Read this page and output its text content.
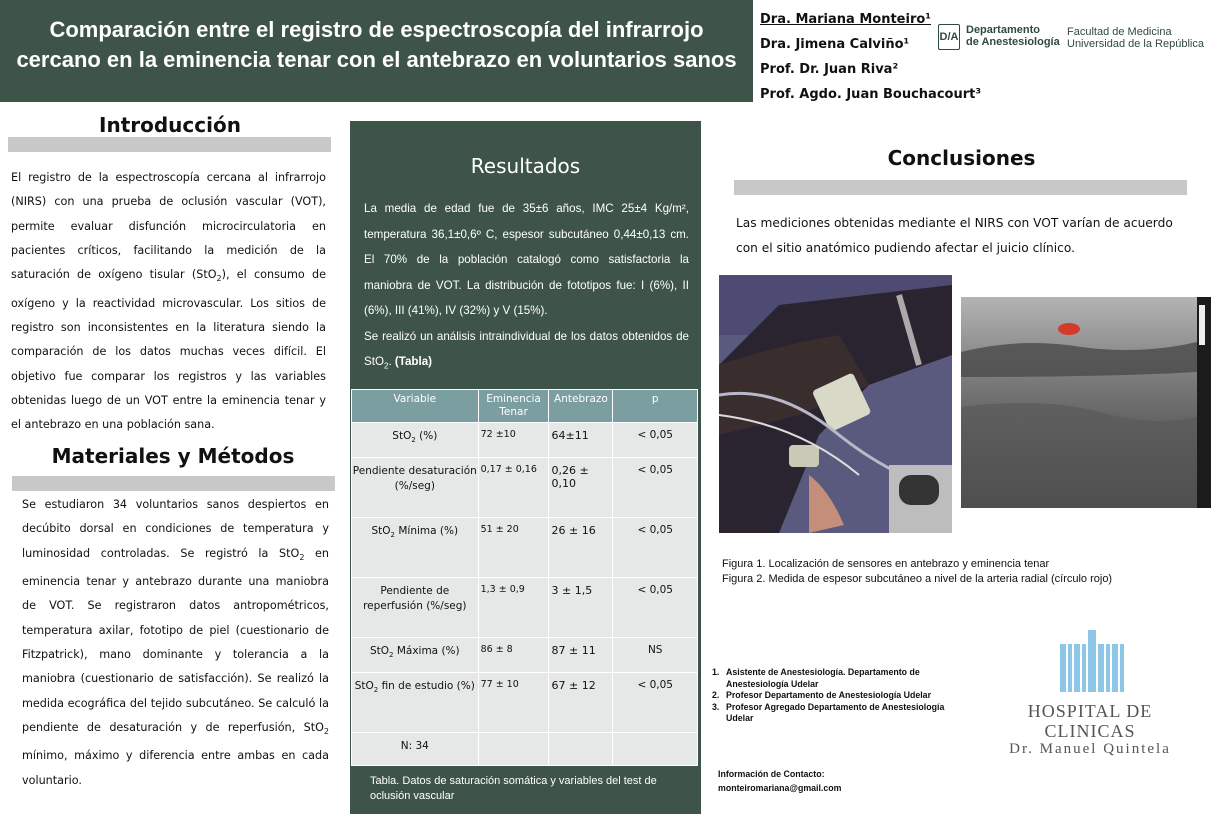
Comparación entre el registro de espectroscopía del infrarrojo
cercano en la eminencia tenar con el antebrazo en voluntarios sanos
Dra. Mariana Monteiro¹
Dra. Jimena Calviño¹
Prof. Dr. Juan Riva²
Prof. Agdo. Juan Bouchacourt³
D/A
Departamento
de Anestesiología
Facultad de Medicina
Universidad de la República
Introducción

El registro de la espectroscopía cercana al infrarrojo (NIRS) con una prueba de oclusión vascular (VOT), permite evaluar disfunción microcirculatoria en pacientes críticos, facilitando la medición de la saturación de oxígeno tisular (StO$_2$), el consumo de oxígeno y la reactividad microvascular. Los sitios de registro son inconsistentes en la literatura siendo la comparación de los datos muchas veces difícil. El objetivo fue comparar los registros y las variables obtenidas luego de un VOT entre la eminencia tenar y el antebrazo en una población sana.

Materiales y Métodos

Se estudiaron 34 voluntarios sanos despiertos en decúbito dorsal en condiciones de temperatura y luminosidad controladas. Se registró la StO$_2$ en eminencia tenar y antebrazo durante una maniobra de VOT. Se registraron datos antropométricos, temperatura axilar, fototipo de piel (cuestionario de Fitzpatrick), mano dominante y tolerancia a la maniobra (cuestionario de satisfacción). Se realizó la medida ecográfica del tejido subcutáneo. Se calculó la pendiente de desaturación y de reperfusión, StO$_2$ mínimo, máximo y diferencia entre ambas en cada voluntario.

Resultados

La media de edad fue de 35±6 años, IMC 25±4 Kg/m², temperatura 36,1±0,6º C, espesor subcutáneo 0,44±0,13 cm. El 70% de la población catalogó como satisfactoria la maniobra de VOT. La distribución de fototipos fue: I (6%), II (6%), III (41%), IV (32%) y V (15%).
Se realizó un análisis intraindividual de los datos obtenidos de StO$_2$. (Tabla)

Variable	Eminencia Tenar	Antebrazo	p
StO$_2$ (%)	72 ±10	64±11	< 0,05
Pendiente desaturación (%/seg)	0,17 ± 0,16	0,26 ± 0,10	< 0,05
StO$_2$ Mínima (%)	51 ± 20	26 ± 16	< 0,05
Pendiente de reperfusión (%/seg)	1,3 ± 0,9	3 ± 1,5	< 0,05
StO$_2$ Máxima (%)	86 ± 8	87 ± 11	NS
StO$_2$ fin de estudio (%)	77 ± 10	67 ± 12	< 0,05
N: 34			
Tabla. Datos de saturación somática y variables del test de oclusión vascular
Conclusiones

Las mediciones obtenidas mediante el NIRS con VOT varían de acuerdo con el sitio anatómico pudiendo afectar el juicio clínico.

Figura 1. Localización de sensores en antebrazo y eminencia tenar
Figura 2. Medida de espesor subcutáneo a nivel de la arteria radial (círculo rojo)
1. Asistente de Anestesiología. Departamento de Anestesiología Udelar
2. Profesor Departamento de Anestesiología Udelar
3. Profesor Agregado Departamento de Anestesiología Udelar
Información de Contacto:
monteiromariana@gmail.com
HOSPITAL DE CLINICAS
Dr. Manuel Quintela
